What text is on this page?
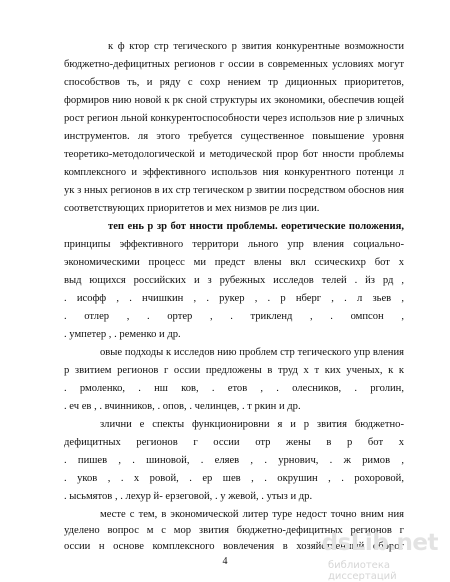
к ф ктор стр тегического р звития конкурентные возможности
бюджетно-дефицитных регионов г оссии в современных условиях могут
способствов ть, и ряду с сохр нением тр диционных приоритетов,
формиров нию новой к рк сной структуры их экономики, обеспечив ющей
рост регион льной конкурентоспособности через использов ние р зличных
инструментов. ля этого требуется существенное повышение уровня
теоретико-методологической и методической прор бот нности проблемы
комплексного и эффективного использов ния конкурентного потенци л
ук з нных регионов в их стр тегическом р звитии посредством обоснов ния
соответствующих приоритетов и мех низмов ре лиз ции.
теп ень р зр бот нности проблемы. еоретические положения,
принципы эффективного территори льного упр вления социально-
экономическими процесс ми предст влены вкл ссическихр бот х
выд ющихся российских и з рубежных исследов телей . йз рд ,
. исофф , . нчишкин , . рукер , . р нберг , . л зьев ,
. отлер , . ортер , . триклeнд , . омпсон ,
. умпетер , . ременко и др.
овые подходы к исследов нию проблем стр тегического упр вления
р звитием регионов г оссии предложены в труд х т ких ученых, к к
. рмоленко, . нш ков, . етов , . олесников, . рголин,
. еч ев , . вчинников, . опов, . челинцев, . т ркин и др.
злични е спекты функционировни я и р звития бюджетно-
дефицитных регионов г оссии отр жены в р бот х
. пишев , . шиновой, . еляев , . урнович, . ж римов ,
. уков , . х ровой, . ер шев , . окрушин , . рохоровой,
. ысьмятов , . лехур й- ерзеговой, . у жевой, . утыз и др.
месте с тем, в экономической литер туре недост точно вним ния
уделено вопрос м с мор звития бюджетно-дефицитных регионов г
оссии н основе комплексного вовлечения в хозяйственный оборот
4
dsLib.net
библиотека диссертаций
